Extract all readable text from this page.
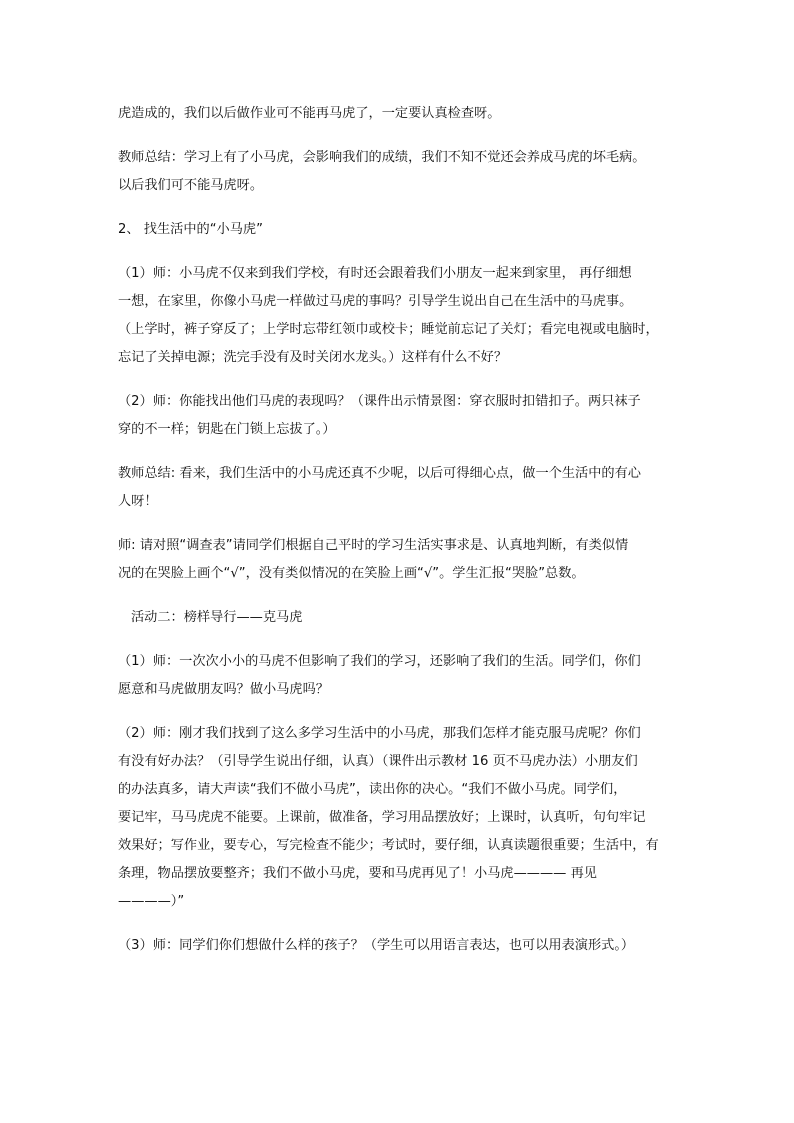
虎造成的，我们以后做作业可不能再马虎了，一定要认真检查呀。
教师总结：学习上有了小马虎，会影响我们的成绩，我们不知不觉还会养成马虎的坏毛病。
以后我们可不能马虎呀。
2、 找生活中的“小马虎”
（1）师：小马虎不仅来到我们学校，有时还会跟着我们小朋友一起来到家里， 再仔细想
一想，在家里，你像小马虎一样做过马虎的事吗？引导学生说出自己在生活中的马虎事。
（上学时，裤子穿反了；上学时忘带红领巾或校卡；睡觉前忘记了关灯；看完电视或电脑时，
忘记了关掉电源；洗完手没有及时关闭水龙头。）这样有什么不好？
（2）师：你能找出他们马虎的表现吗？（课件出示情景图：穿衣服时扣错扣子。两只袜子
穿的不一样；钥匙在门锁上忘拔了。）
教师总结: 看来，我们生活中的小马虎还真不少呢，以后可得细心点，做一个生活中的有心
人呀！
师: 请对照“调查表”请同学们根据自己平时的学习生活实事求是、认真地判断，有类似情
况的在哭脸上画个“√”，没有类似情况的在笑脸上画“√”。学生汇报“哭脸”总数。
活动二：榜样导行——克马虎
（1）师：一次次小小的马虎不但影响了我们的学习，还影响了我们的生活。同学们，你们
愿意和马虎做朋友吗？做小马虎吗？
（2）师：刚才我们找到了这么多学习生活中的小马虎，那我们怎样才能克服马虎呢？你们
有没有好办法？（引导学生说出仔细，认真）（课件出示教材 16 页不马虎办法）小朋友们
的办法真多，请大声读“我们不做小马虎”，读出你的决心。“我们不做小马虎。同学们，
要记牢，马马虎虎不能要。上课前，做准备，学习用品摆放好；上课时，认真听，句句牢记
效果好；写作业，要专心，写完检查不能少；考试时，要仔细，认真读题很重要；生活中，有
条理，物品摆放要整齐；我们不做小马虎，要和马虎再见了！小马虎———— 再见
————）”
（3）师：同学们你们想做什么样的孩子？（学生可以用语言表达，也可以用表演形式。）
